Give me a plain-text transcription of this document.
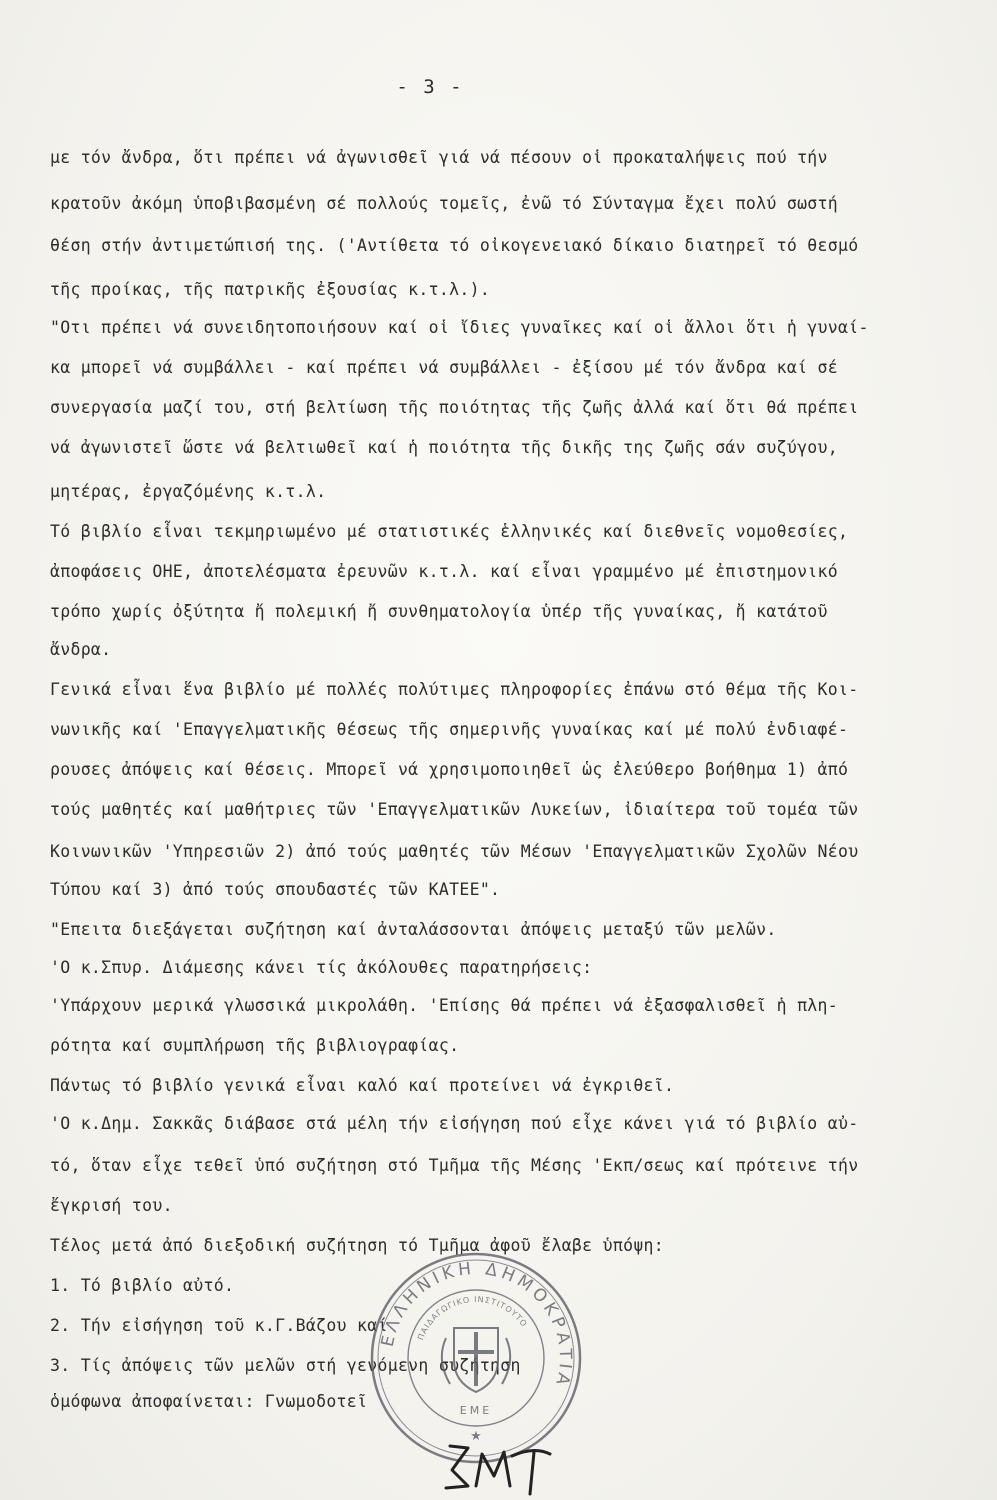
- 3 -
με τόν ἄνδρα, ὅτι πρέπει νά ἀγωνισθεῖ γιά νά πέσουν οἱ προκαταλήψεις πού τήν
κρατοῦν ἀκόμη ὑποβιβασμένη σέ πολλούς τομεῖς, ἐνῶ τό Σύνταγμα ἔχει πολύ σωστή
θέση στήν ἀντιμετώπισή της. ('Αντίθετα τό οἰκογενειακό δίκαιο διατηρεῖ τό θεσμό
τῆς προίκας, τῆς πατρικῆς ἐξουσίας κ.τ.λ.).
"Οτι πρέπει νά συνειδητοποιήσουν καί οἱ ἴδιες γυναῖκες καί οἱ ἄλλοι ὅτι ἡ γυναί-
κα μπορεῖ νά συμβάλλει - καί πρέπει νά συμβάλλει - ἐξίσου μέ τόν ἄνδρα καί σέ
συνεργασία μαζί του, στή βελτίωση τῆς ποιότητας τῆς ζωῆς ἀλλά καί ὅτι θά πρέπει
νά ἀγωνιστεῖ ὥστε νά βελτιωθεῖ καί ἡ ποιότητα τῆς δικῆς της ζωῆς σάν συζύγου,
μητέρας, ἐργαζόμένης κ.τ.λ.
Τό βιβλίο εἶναι τεκμηριωμένο μέ στατιστικές ἑλληνικές καί διεθνεῖς νομοθεσίες,
ἀποφάσεις ΟΗΕ, ἀποτελέσματα ἐρευνῶν κ.τ.λ. καί εἶναι γραμμένο μέ ἐπιστημονικό
τρόπο χωρίς ὀξύτητα ἤ πολεμική ἤ συνθηματολογία ὑπέρ τῆς γυναίκας, ἤ κατάτοῦ
ἄνδρα.
Γενικά εἶναι ἕνα βιβλίο μέ πολλές πολύτιμες πληροφορίες ἐπάνω στό θέμα τῆς Κοι-
νωνικῆς καί 'Επαγγελματικῆς θέσεως τῆς σημερινῆς γυναίκας καί μέ πολύ ἐνδιαφέ-
ρουσες ἀπόψεις καί θέσεις. Μπορεῖ νά χρησιμοποιηθεῖ ὡς ἐλεύθερο βοήθημα 1) ἀπό
τούς μαθητές καί μαθήτριες τῶν 'Επαγγελματικῶν Λυκείων, ἰδιαίτερα τοῦ τομέα τῶν
Κοινωνικῶν 'Υπηρεσιῶν 2) ἀπό τούς μαθητές τῶν Μέσων 'Επαγγελματικῶν Σχολῶν Νέου
Τύπου καί 3) ἀπό τούς σπουδαστές τῶν ΚΑΤΕΕ".
"Επειτα διεξάγεται συζήτηση καί ἀνταλάσσονται ἀπόψεις μεταξύ τῶν μελῶν.
'Ο κ.Σπυρ. Διάμεσης κάνει τίς ἀκόλουθες παρατηρήσεις:
'Υπάρχουν μερικά γλωσσικά μικρολάθη. 'Επίσης θά πρέπει νά ἐξασφαλισθεῖ ἡ πλη-
ρότητα καί συμπλήρωση τῆς βιβλιογραφίας.
Πάντως τό βιβλίο γενικά εἶναι καλό καί προτείνει νά ἐγκριθεῖ.
'Ο κ.Δημ. Σακκᾶς διάβασε στά μέλη τήν εἰσήγηση πού εἶχε κάνει γιά τό βιβλίο αὐ-
τό, ὅταν εἶχε τεθεῖ ὑπό συζήτηση στό Τμῆμα τῆς Μέσης 'Εκπ/σεως καί πρότεινε τήν
ἔγκρισή του.
Τέλος μετά ἀπό διεξοδική συζήτηση τό Τμῆμα ἀφοῦ ἔλαβε ὑπόψη:
1. Τό βιβλίο αὐτό.
2. Τήν εἰσήγηση τοῦ κ.Γ.Βάζου καί
3. Τίς ἀπόψεις τῶν μελῶν στή γενόμενη συζήτηση
ὁμόφωνα ἀποφαίνεται: Γνωμοδοτεῖ
ΕΛΛΗΝΙΚΗ ΔΗΜΟΚΡΑΤΙΑ
ΠΑΙΔΑΓΩΓΙΚΟ ΙΝΣΤΙΤΟΥΤΟ
ΕΜΕ
★
